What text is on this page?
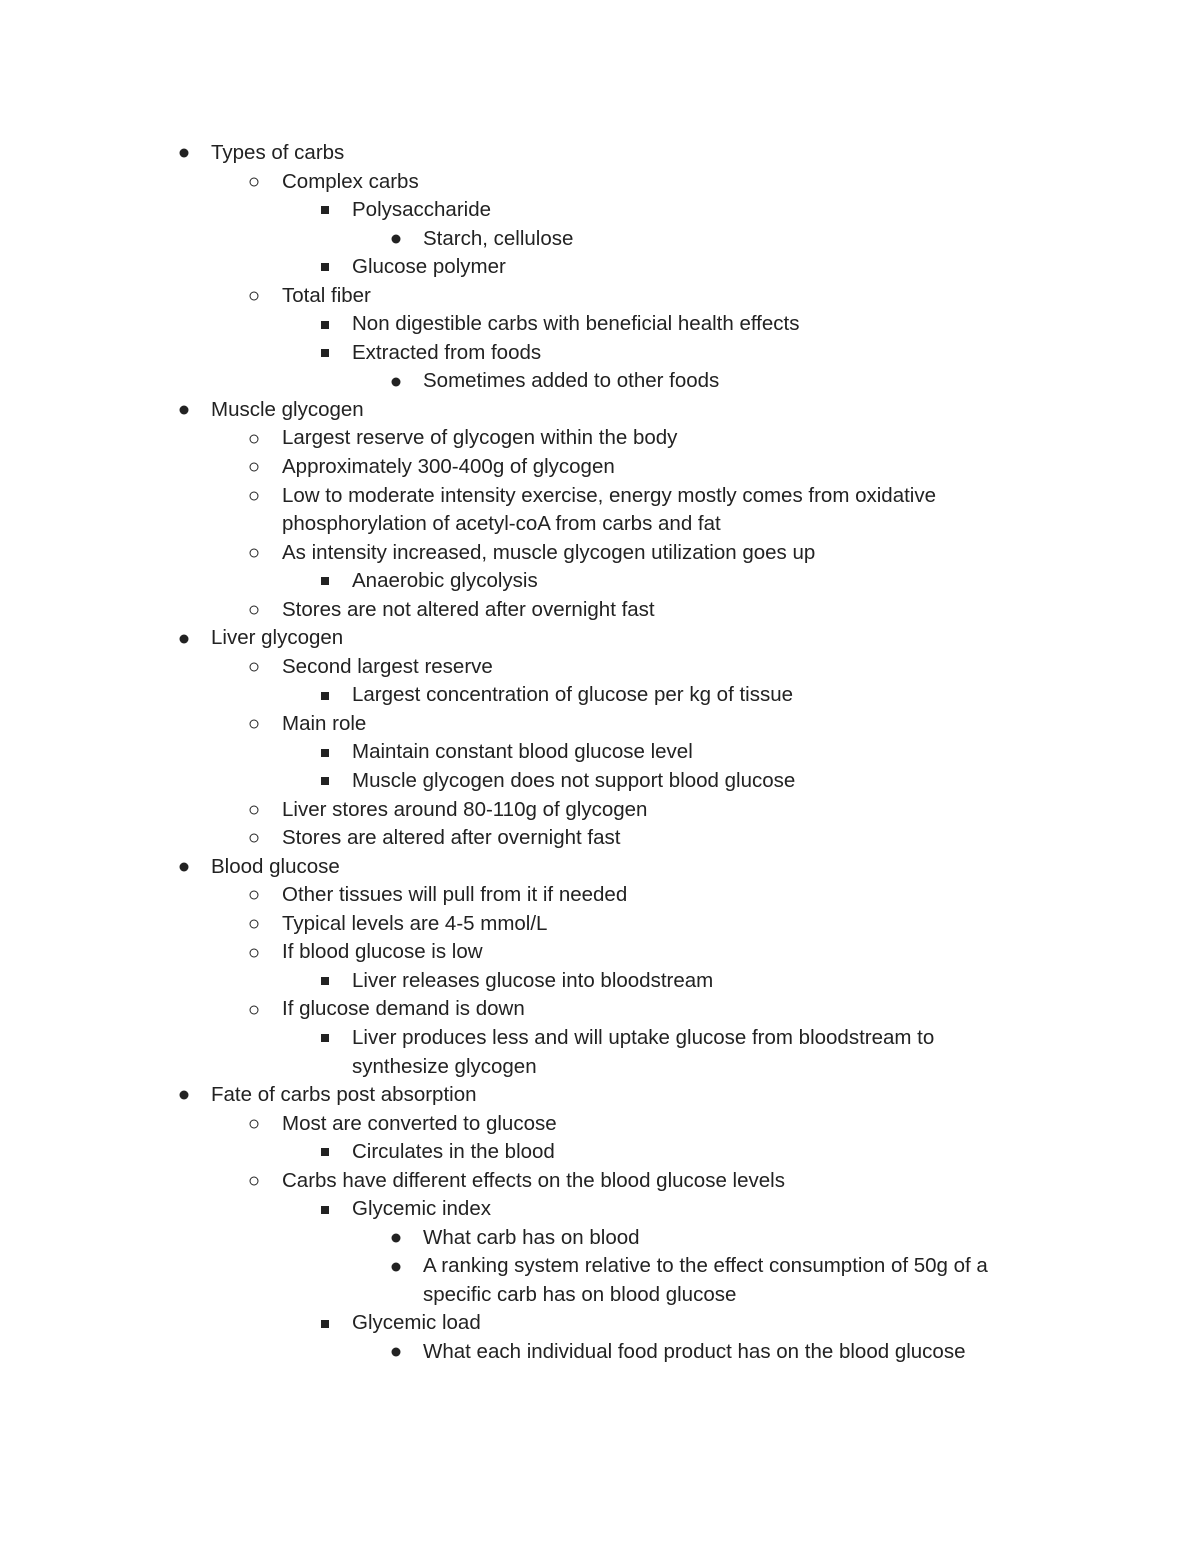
Types of carbs
Complex carbs
Polysaccharide
Starch, cellulose
Glucose polymer
Total fiber
Non digestible carbs with beneficial health effects
Extracted from foods
Sometimes added to other foods
Muscle glycogen
Largest reserve of glycogen within the body
Approximately 300-400g of glycogen
Low to moderate intensity exercise, energy mostly comes from oxidative
phosphorylation of acetyl-coA from carbs and fat
As intensity increased, muscle glycogen utilization goes up
Anaerobic glycolysis
Stores are not altered after overnight fast
Liver glycogen
Second largest reserve
Largest concentration of glucose per kg of tissue
Main role
Maintain constant blood glucose level
Muscle glycogen does not support blood glucose
Liver stores around 80-110g of glycogen
Stores are altered after overnight fast
Blood glucose
Other tissues will pull from it if needed
Typical levels are 4-5 mmol/L
If blood glucose is low
Liver releases glucose into bloodstream
If glucose demand is down
Liver produces less and will uptake glucose from bloodstream to
synthesize glycogen
Fate of carbs post absorption
Most are converted to glucose
Circulates in the blood
Carbs have different effects on the blood glucose levels
Glycemic index
What carb has on blood
A ranking system relative to the effect consumption of 50g of a
specific carb has on blood glucose
Glycemic load
What each individual food product has on the blood glucose
